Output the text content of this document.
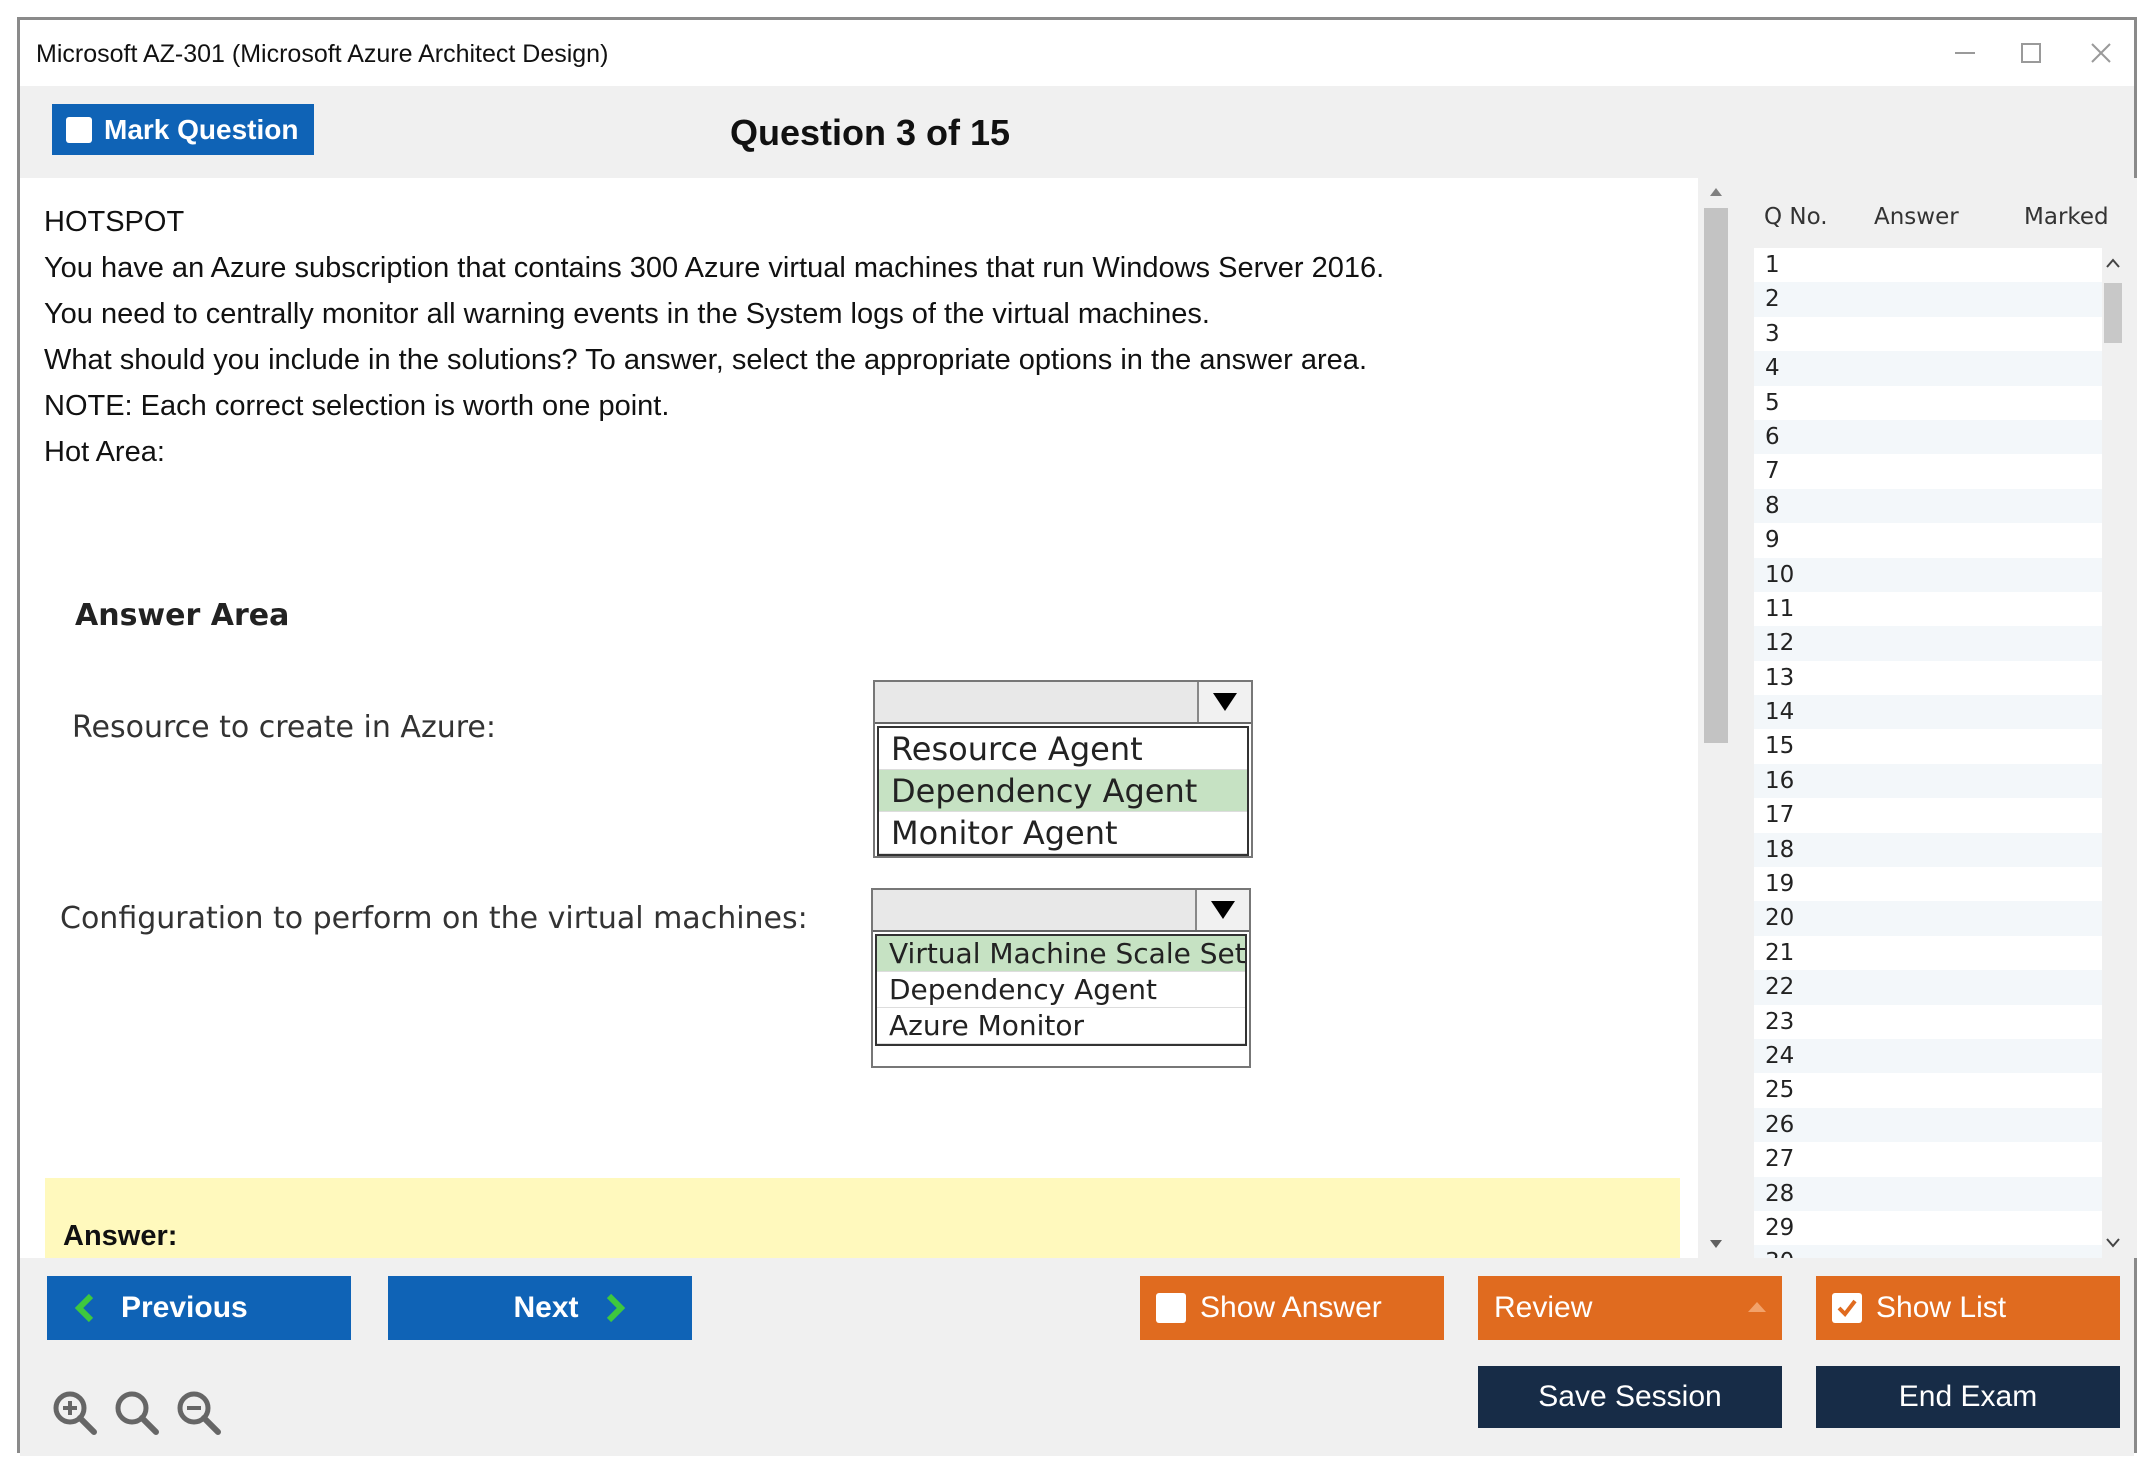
Microsoft AZ-301 (Microsoft Azure Architect Design)
Mark Question	Question 3 of 15

HOTSPOT

You have an Azure subscription that contains 300 Azure virtual machines that run Windows Server 2016.

You need to centrally monitor all warning events in the System logs of the virtual machines.

What should you include in the solutions? To answer, select the appropriate options in the answer area.

NOTE: Each correct selection is worth one point.

Hot Area:

Answer Area
Resource to create in Azure:
Resource Agent
Dependency Agent
Monitor Agent
Configuration to perform on the virtual machines:
Virtual Machine Scale Set
Dependency Agent
Azure Monitor
Answer:
Q No. Answer	Marked
1
2
3
4
5
6
7
8
9
10
11
12
13
14
15
16
17
18
19
20
21
22
23
24
25
26
27
28
29
Previous	Next	Show Answer	Review	Show List
Save Session	End Exam
